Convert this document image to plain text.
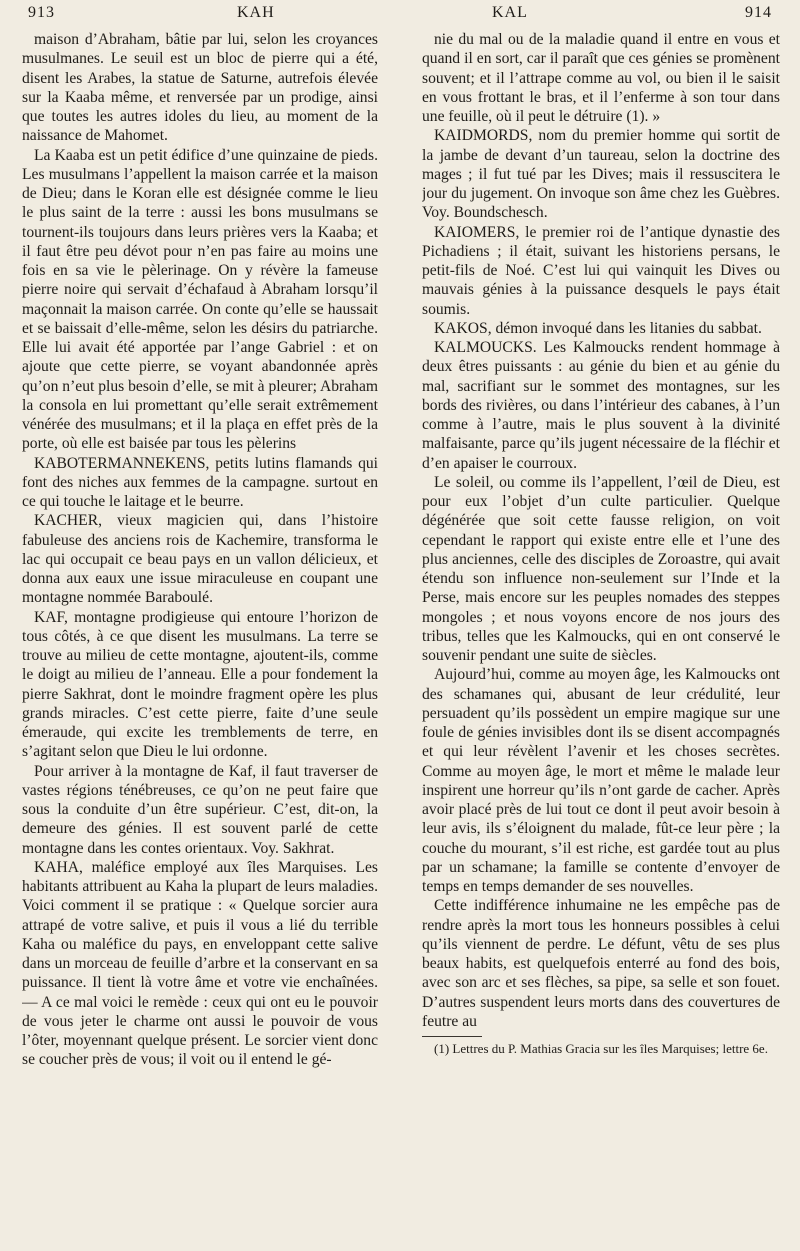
913	KAH	KAL	914

maison d’Abraham, bâtie par lui, selon les croyances musulmanes. Le seuil est un bloc de pierre qui a été, disent les Arabes, la statue de Saturne, autrefois élevée sur la Kaaba même, et renversée par un prodige, ainsi que toutes les autres idoles du lieu, au moment de la naissance de Mahomet.

La Kaaba est un petit édifice d’une quinzaine de pieds. Les musulmans l’appellent la maison carrée et la maison de Dieu; dans le Koran elle est désignée comme le lieu le plus saint de la terre : aussi les bons musulmans se tournent-ils toujours dans leurs prières vers la Kaaba; et il faut être peu dévot pour n’en pas faire au moins une fois en sa vie le pèlerinage. On y révère la fameuse pierre noire qui servait d’échafaud à Abraham lorsqu’il maçonnait la maison carrée. On conte qu’elle se haussait et se baissait d’elle-même, selon les désirs du patriarche. Elle lui avait été apportée par l’ange Gabriel : et on ajoute que cette pierre, se voyant abandonnée après qu’on n’eut plus besoin d’elle, se mit à pleurer; Abraham la consola en lui promettant qu’elle serait extrêmement vénérée des musulmans; et il la plaça en effet près de la porte, où elle est baisée par tous les pèlerins

KABOTERMANNEKENS, petits lutins flamands qui font des niches aux femmes de la campagne. surtout en ce qui touche le laitage et le beurre.

KACHER, vieux magicien qui, dans l’histoire fabuleuse des anciens rois de Kachemire, transforma le lac qui occupait ce beau pays en un vallon délicieux, et donna aux eaux une issue miraculeuse en coupant une montagne nommée Baraboulé.

KAF, montagne prodigieuse qui entoure l’horizon de tous côtés, à ce que disent les musulmans. La terre se trouve au milieu de cette montagne, ajoutent-ils, comme le doigt au milieu de l’anneau. Elle a pour fondement la pierre Sakhrat, dont le moindre fragment opère les plus grands miracles. C’est cette pierre, faite d’une seule émeraude, qui excite les tremblements de terre, en s’agitant selon que Dieu le lui ordonne.

Pour arriver à la montagne de Kaf, il faut traverser de vastes régions ténébreuses, ce qu’on ne peut faire que sous la conduite d’un être supérieur. C’est, dit-on, la demeure des génies. Il est souvent parlé de cette montagne dans les contes orientaux. Voy. Sakhrat.

KAHA, maléfice employé aux îles Marquises. Les habitants attribuent au Kaha la plupart de leurs maladies. Voici comment il se pratique : « Quelque sorcier aura attrapé de votre salive, et puis il vous a lié du terrible Kaha ou maléfice du pays, en enveloppant cette salive dans un morceau de feuille d’arbre et la conservant en sa puissance. Il tient là votre âme et votre vie enchaînées.— A ce mal voici le remède : ceux qui ont eu le pouvoir de vous jeter le charme ont aussi le pouvoir de vous l’ôter, moyennant quelque présent. Le sorcier vient donc se coucher près de vous; il voit ou il entend le gé-

nie du mal ou de la maladie quand il entre en vous et quand il en sort, car il paraît que ces génies se promènent souvent; et il l’attrape comme au vol, ou bien il le saisit en vous frottant le bras, et il l’enferme à son tour dans une feuille, où il peut le détruire (1). »

KAIDMORDS, nom du premier homme qui sortit de la jambe de devant d’un taureau, selon la doctrine des mages ; il fut tué par les Dives; mais il ressuscitera le jour du jugement. On invoque son âme chez les Guèbres. Voy. Boundschesch.

KAIOMERS, le premier roi de l’antique dynastie des Pichadiens ; il était, suivant les historiens persans, le petit-fils de Noé. C’est lui qui vainquit les Dives ou mauvais génies à la puissance desquels le pays était soumis.

KAKOS, démon invoqué dans les litanies du sabbat.

KALMOUCKS. Les Kalmoucks rendent hommage à deux êtres puissants : au génie du bien et au génie du mal, sacrifiant sur le sommet des montagnes, sur les bords des rivières, ou dans l’intérieur des cabanes, à l’un comme à l’autre, mais le plus souvent à la divinité malfaisante, parce qu’ils jugent nécessaire de la fléchir et d’en apaiser le courroux.

Le soleil, ou comme ils l’appellent, l’œil de Dieu, est pour eux l’objet d’un culte particulier. Quelque dégénérée que soit cette fausse religion, on voit cependant le rapport qui existe entre elle et l’une des plus anciennes, celle des disciples de Zoroastre, qui avait étendu son influence non-seulement sur l’Inde et la Perse, mais encore sur les peuples nomades des steppes mongoles ; et nous voyons encore de nos jours des tribus, telles que les Kalmoucks, qui en ont conservé le souvenir pendant une suite de siècles.

Aujourd’hui, comme au moyen âge, les Kalmoucks ont des schamanes qui, abusant de leur crédulité, leur persuadent qu’ils possèdent un empire magique sur une foule de génies invisibles dont ils se disent accompagnés et qui leur révèlent l’avenir et les choses secrètes. Comme au moyen âge, le mort et même le malade leur inspirent une horreur qu’ils n’ont garde de cacher. Après avoir placé près de lui tout ce dont il peut avoir besoin à leur avis, ils s’éloignent du malade, fût-ce leur père ; la couche du mourant, s’il est riche, est gardée tout au plus par un schamane; la famille se contente d’envoyer de temps en temps demander de ses nouvelles.

Cette indifférence inhumaine ne les empêche pas de rendre après la mort tous les honneurs possibles à celui qu’ils viennent de perdre. Le défunt, vêtu de ses plus beaux habits, est quelquefois enterré au fond des bois, avec son arc et ses flèches, sa pipe, sa selle et son fouet. D’autres suspendent leurs morts dans des couvertures de feutre au

(1) Lettres du P. Mathias Gracia sur les îles Marquises; lettre 6e.
